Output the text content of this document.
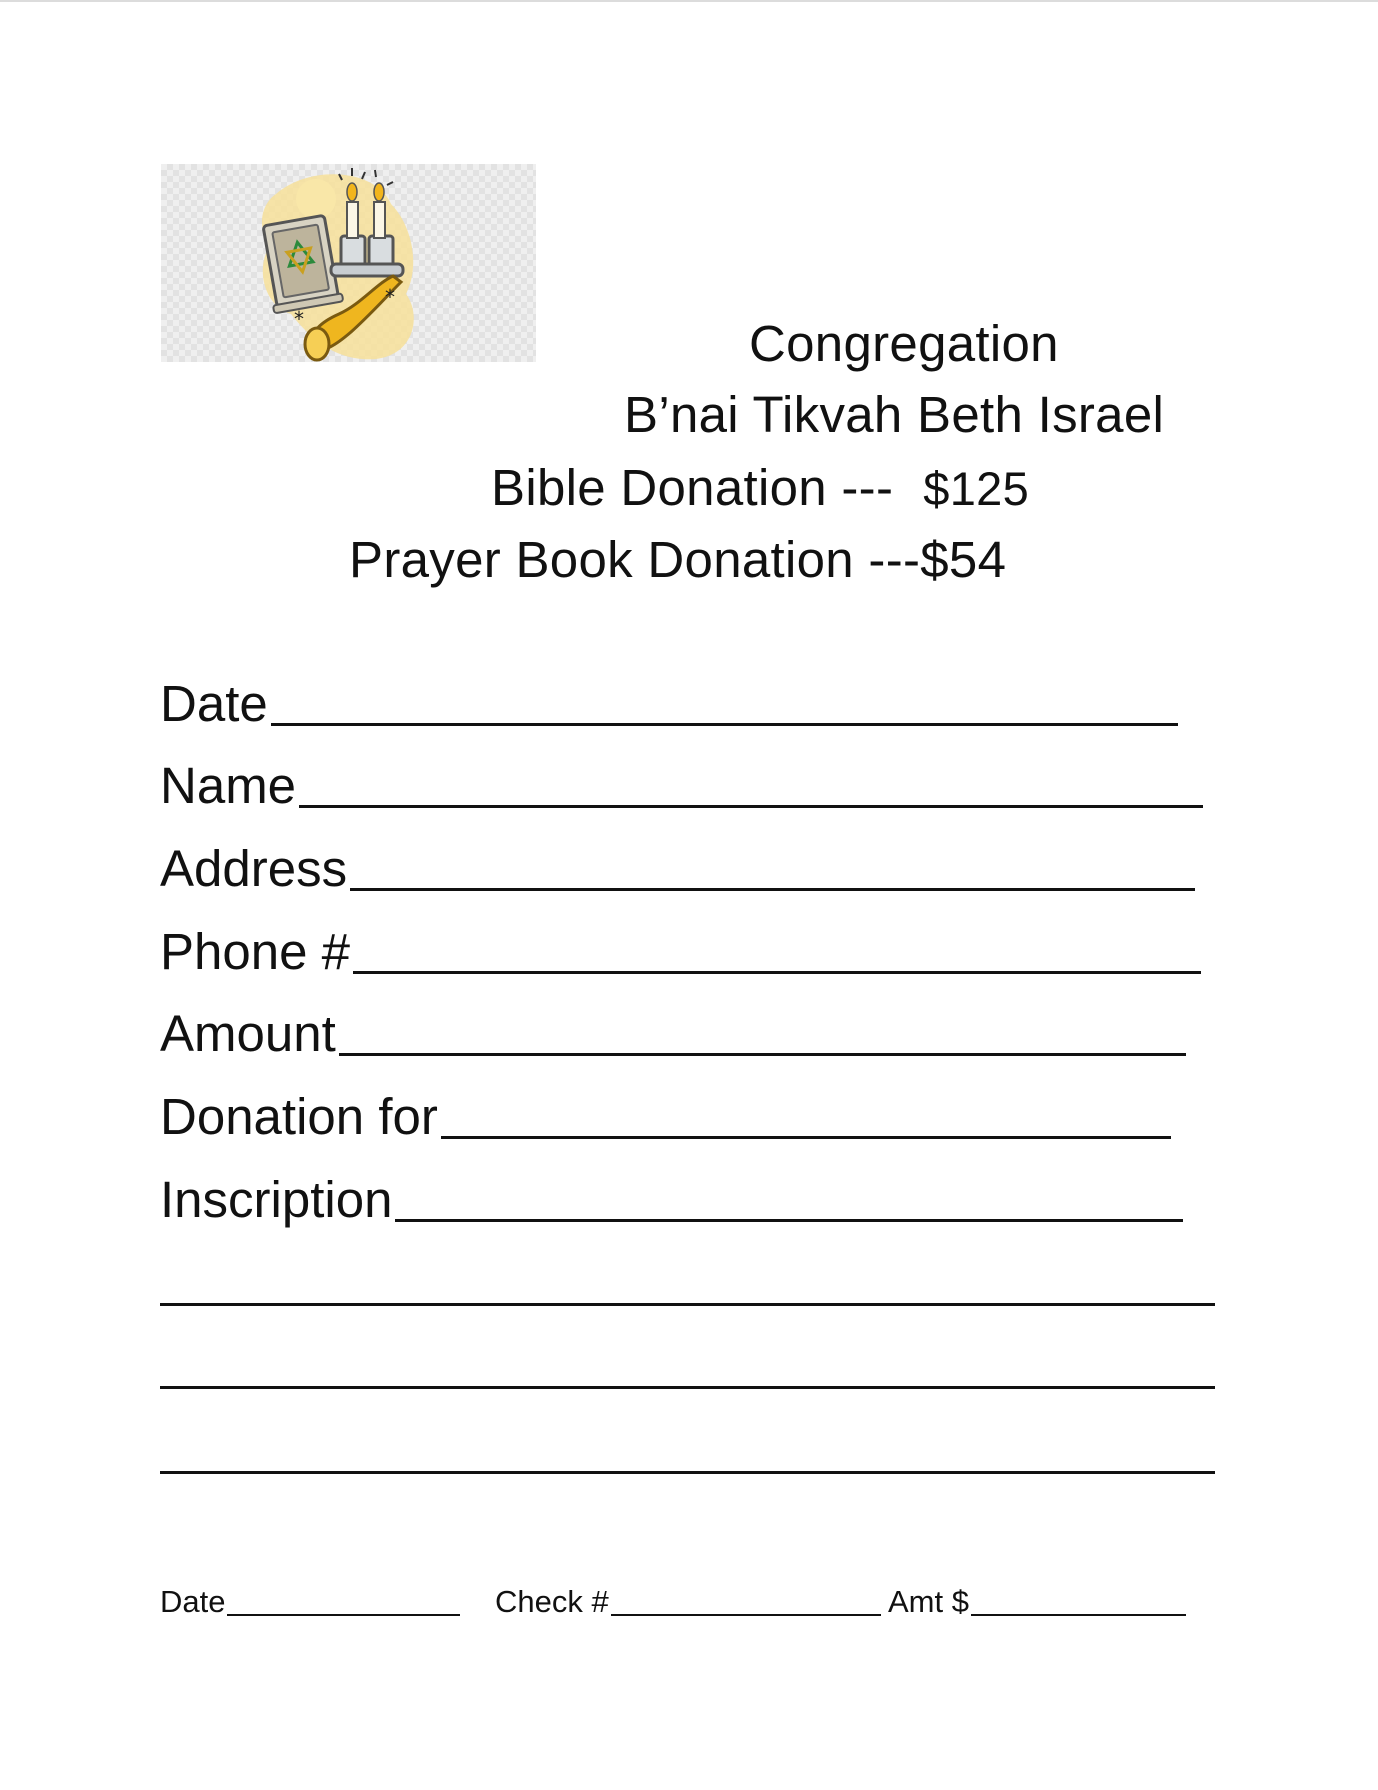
*
*
Congregation
B’nai Tikvah Beth Israel
Bible Donation --- $125
Prayer Book Donation ---$54
Date
Name
Address
Phone #
Amount
Donation for
Inscription
Date	Check #	Amt $
